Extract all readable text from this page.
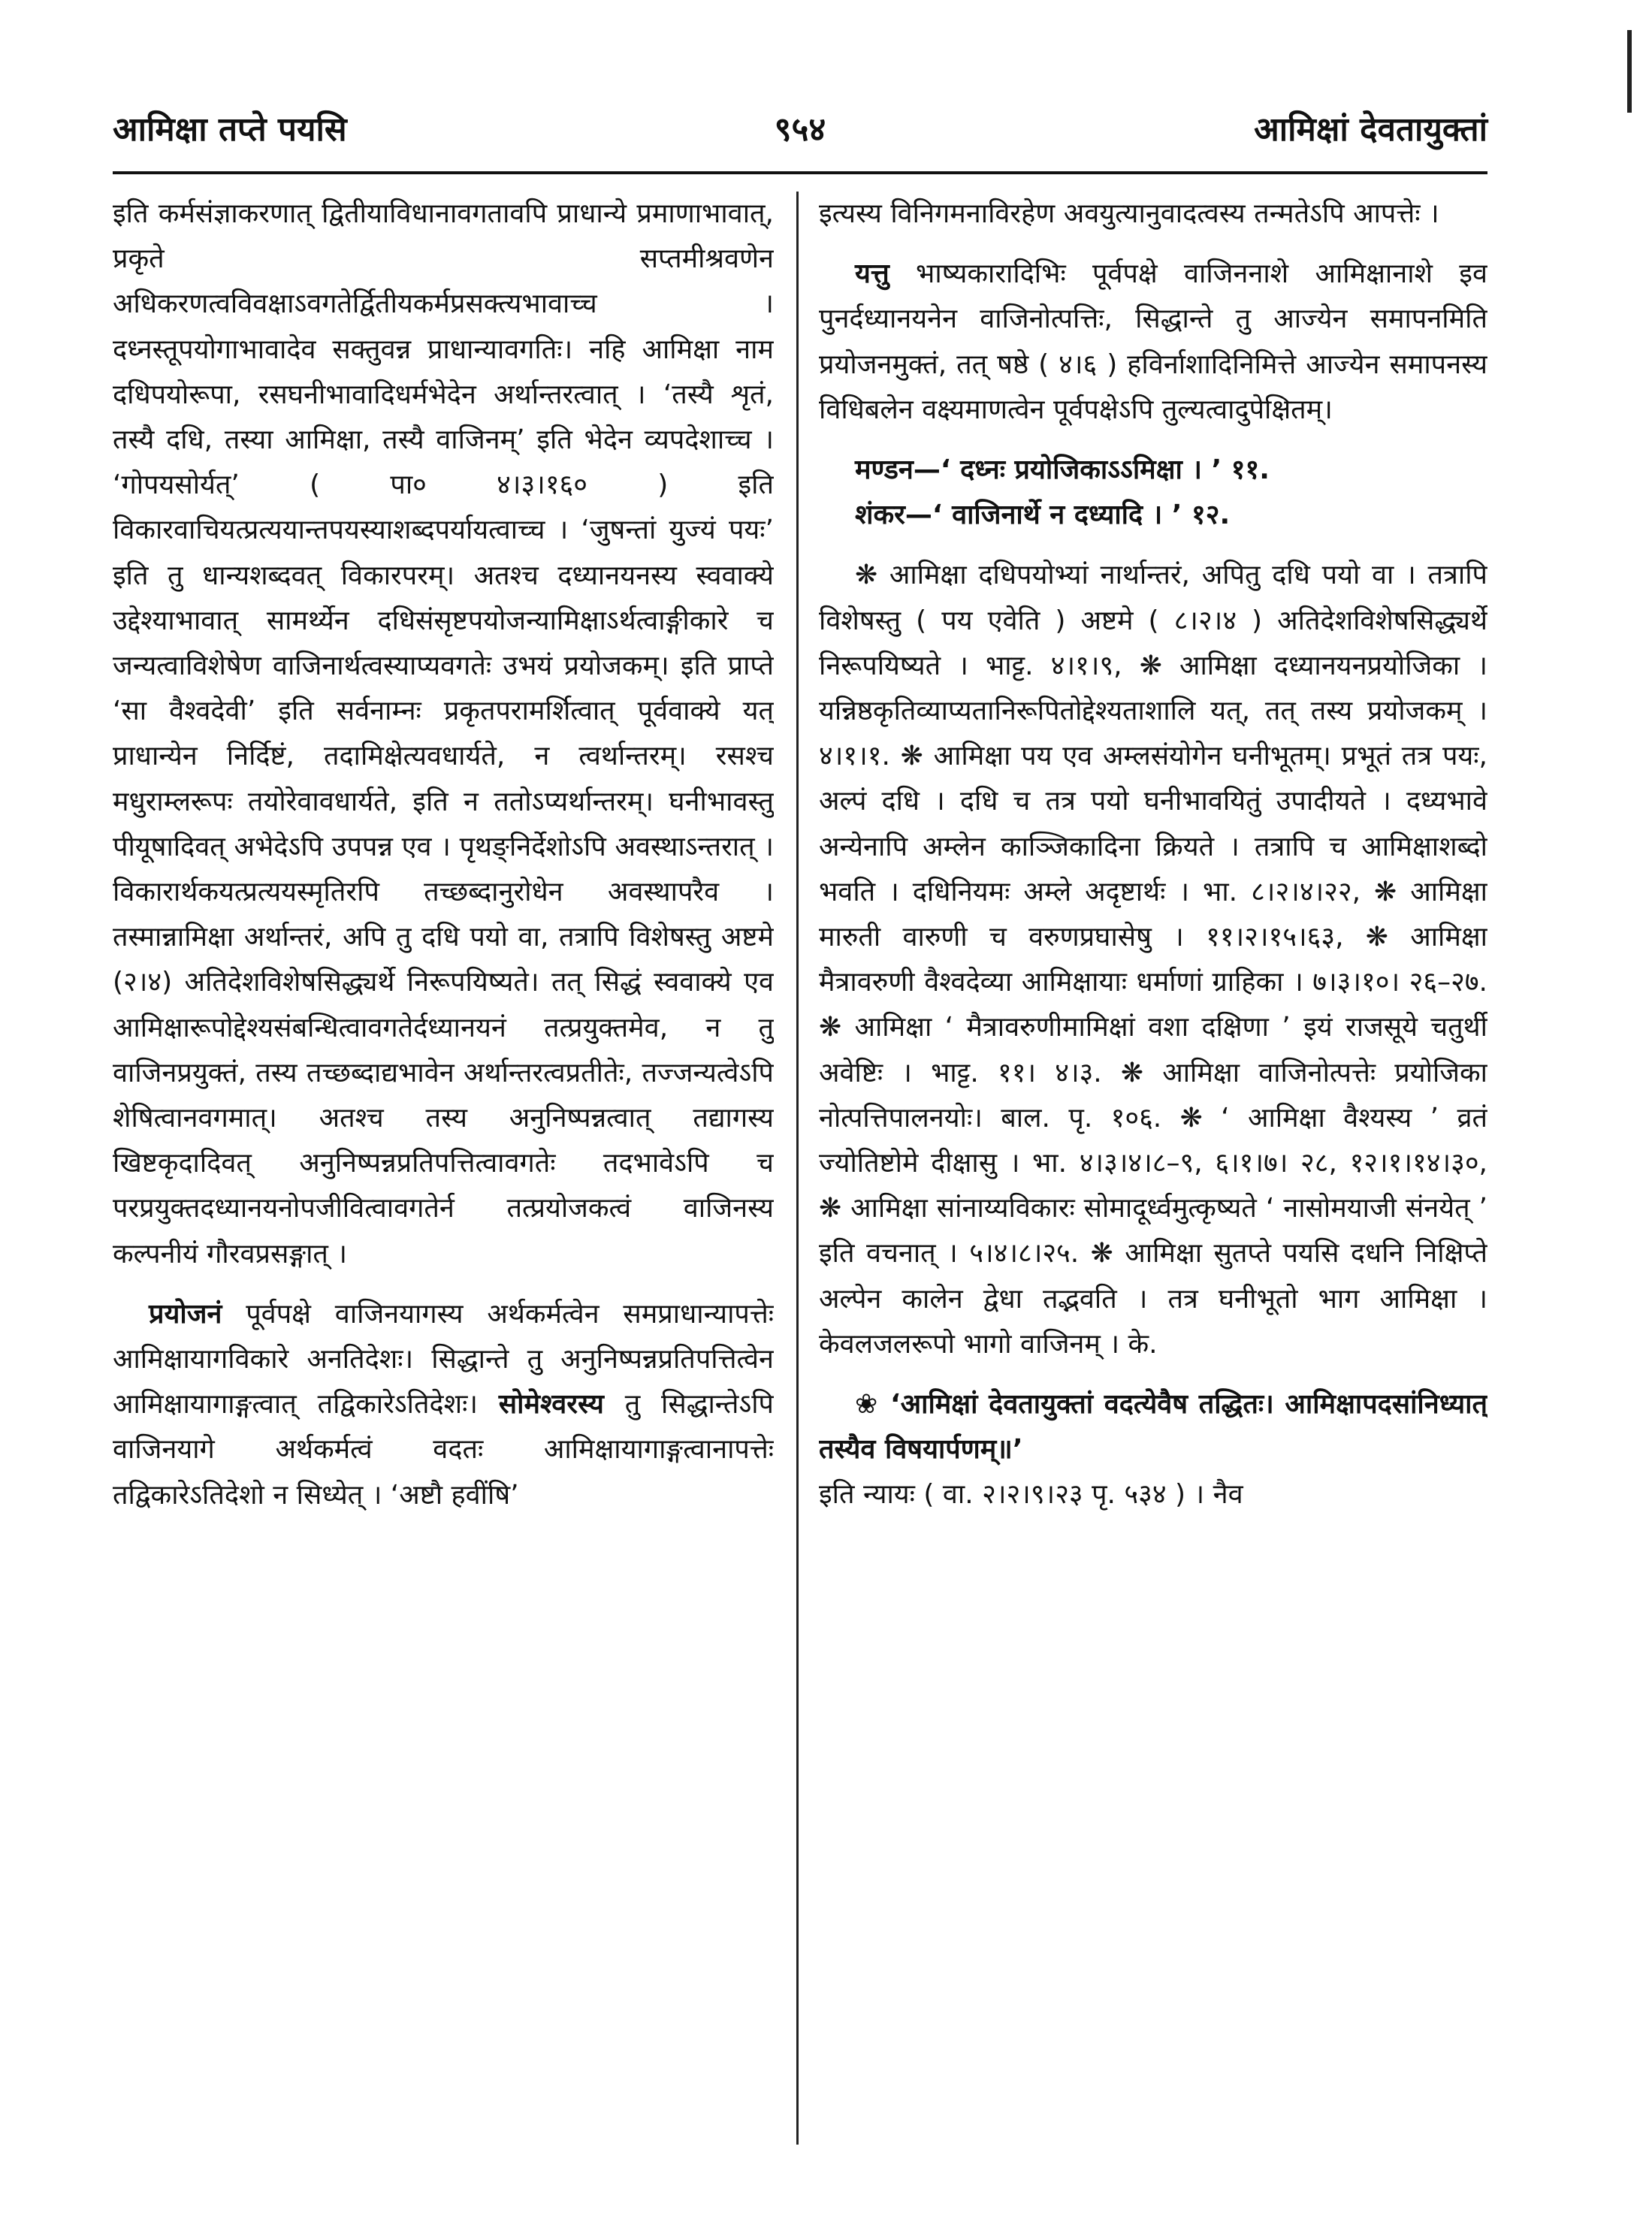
९५४
आमिक्षा तप्ते पयसि	आमिक्षां देवतायुक्तां

इति कर्मसंज्ञाकरणात् द्वितीयाविधानावगतावपि प्राधान्ये प्रमाणाभावात्, प्रकृते सप्तमीश्रवणेन अधिकरणत्वविवक्षाऽवगतेर्द्वितीयकर्मप्रसक्त्यभावाच्च । दध्नस्तूपयोगाभावादेव सक्तुवन्न प्राधान्यावगतिः। नहि आमिक्षा नाम दधिपयोरूपा, रसघनीभावादिधर्मभेदेन अर्थान्तरत्वात् । ‘तस्यै शृतं, तस्यै दधि, तस्या आमिक्षा, तस्यै वाजिनम्’ इति भेदेन व्यपदेशाच्च । ‘गोपयसोर्यत्’ ( पा० ४।३।१६० ) इति विकारवाचियत्प्रत्ययान्तपयस्याशब्दपर्यायत्वाच्च । ‘जुषन्तां युज्यं पयः’ इति तु धान्यशब्दवत् विकारपरम्। अतश्च दध्यानयनस्य स्ववाक्ये उद्देश्याभावात् सामर्थ्येन दधिसंसृष्टपयोजन्यामिक्षाऽर्थत्वाङ्गीकारे च जन्यत्वाविशेषेण वाजिनार्थत्वस्याप्यवगतेः उभयं प्रयोजकम्। इति प्राप्ते ‘सा वैश्वदेवी’ इति सर्वनाम्नः प्रकृतपरामर्शित्वात् पूर्ववाक्ये यत् प्राधान्येन निर्दिष्टं, तदामिक्षेत्यवधार्यते, न त्वर्थान्तरम्। रसश्च मधुराम्लरूपः तयोरेवावधार्यते, इति न ततोऽप्यर्थान्तरम्। घनीभावस्तु पीयूषादिवत् अभेदेऽपि उपपन्न एव । पृथङ्निर्देशोऽपि अवस्थाऽन्तरात् । विकारार्थकयत्प्रत्ययस्मृतिरपि तच्छब्दानुरोधेन अवस्थापरैव । तस्मान्नामिक्षा अर्थान्तरं, अपि तु दधि पयो वा, तत्रापि विशेषस्तु अष्टमे (२।४) अतिदेशविशेषसिद्ध्यर्थे निरूपयिष्यते। तत् सिद्धं स्ववाक्ये एव आमिक्षारूपोद्देश्यसंबन्धित्वावगतेर्दध्यानयनं तत्प्रयुक्तमेव, न तु वाजिनप्रयुक्तं, तस्य तच्छब्दाद्यभावेन अर्थान्तरत्वप्रतीतेः, तज्जन्यत्वेऽपि शेषित्वानवगमात्। अतश्च तस्य अनुनिष्पन्नत्वात् तद्यागस्य खिष्टकृदादिवत् अनुनिष्पन्नप्रतिपत्तित्वावगतेः तदभावेऽपि च परप्रयुक्तदध्यानयनोपजीवित्वावगतेर्न तत्प्रयोजकत्वं वाजिनस्य कल्पनीयं गौरवप्रसङ्गात् ।

प्रयोजनं पूर्वपक्षे वाजिनयागस्य अर्थकर्मत्वेन समप्राधान्यापत्तेः आमिक्षायागविकारे अनतिदेशः। सिद्धान्ते तु अनुनिष्पन्नप्रतिपत्तित्वेन आमिक्षायागाङ्गत्वात् तद्विकारेऽतिदेशः। सोमेश्वरस्य तु सिद्धान्तेऽपि वाजिनयागे अर्थकर्मत्वं वदतः आमिक्षायागाङ्गत्वानापत्तेः तद्विकारेऽतिदेशो न सिध्येत् । ‘अष्टौ हवींषि’

इत्यस्य विनिगमनाविरहेण अवयुत्यानुवादत्वस्य तन्मतेऽपि आपत्तेः ।

यत्तु भाष्यकारादिभिः पूर्वपक्षे वाजिननाशे आमिक्षानाशे इव पुनर्दध्यानयनेन वाजिनोत्पत्तिः, सिद्धान्ते तु आज्येन समापनमिति प्रयोजनमुक्तं, तत् षष्ठे ( ४।६ ) हविर्नाशादिनिमित्ते आज्येन समापनस्य विधिबलेन वक्ष्यमाणत्वेन पूर्वपक्षेऽपि तुल्यत्वादुपेक्षितम्।

मण्डन—‘ दध्नः प्रयोजिकाऽऽमिक्षा । ’ ११.

शंकर—‘ वाजिनार्थे न दध्यादि । ’ १२.

❋ आमिक्षा दधिपयोभ्यां नार्थान्तरं, अपितु दधि पयो वा । तत्रापि विशेषस्तु ( पय एवेति ) अष्टमे ( ८।२।४ ) अतिदेशविशेषसिद्ध्यर्थे निरूपयिष्यते । भाट्ट. ४।१।९, ❋ आमिक्षा दध्यानयनप्रयोजिका । यन्निष्ठकृतिव्याप्यतानिरूपितोद्देश्यताशालि यत्, तत् तस्य प्रयोजकम् । ४।१।१. ❋ आमिक्षा पय एव अम्लसंयोगेन घनीभूतम्। प्रभूतं तत्र पयः, अल्पं दधि । दधि च तत्र पयो घनीभावयितुं उपादीयते । दध्यभावे अन्येनापि अम्लेन काञ्जिकादिना क्रियते । तत्रापि च आमिक्षाशब्दो भवति । दधिनियमः अम्ले अदृष्टार्थः । भा. ८।२।४।२२, ❋ आमिक्षा मारुती वारुणी च वरुणप्रघासेषु । ११।२।१५।६३, ❋ आमिक्षा मैत्रावरुणी वैश्वदेव्या आमिक्षायाः धर्माणां ग्राहिका । ७।३।१०। २६–२७. ❋ आमिक्षा ‘ मैत्रावरुणीमामिक्षां वशा दक्षिणा ’ इयं राजसूये चतुर्थी अवेष्टिः । भाट्ट. ११। ४।३. ❋ आमिक्षा वाजिनोत्पत्तेः प्रयोजिका नोत्पत्तिपालनयोः। बाल. पृ. १०६. ❋ ‘ आमिक्षा वैश्यस्य ’ व्रतं ज्योतिष्टोमे दीक्षासु । भा. ४।३।४।८–९, ६।१।७। २८, १२।१।१४।३०, ❋ आमिक्षा सांनाय्यविकारः सोमादूर्ध्वमुत्कृष्यते ‘ नासोमयाजी संनयेत् ’ इति वचनात् । ५।४।८।२५. ❋ आमिक्षा सुतप्ते पयसि दधनि निक्षिप्ते अल्पेन कालेन द्वेधा तद्भवति । तत्र घनीभूतो भाग आमिक्षा । केवलजलरूपो भागो वाजिनम् । के.

❀ ‘आमिक्षां देवतायुक्तां वदत्येवैष तद्धितः। आमिक्षापदसांनिध्यात् तस्यैव विषयार्पणम्॥’

इति न्यायः ( वा. २।२।९।२३ पृ. ५३४ ) । नैव
